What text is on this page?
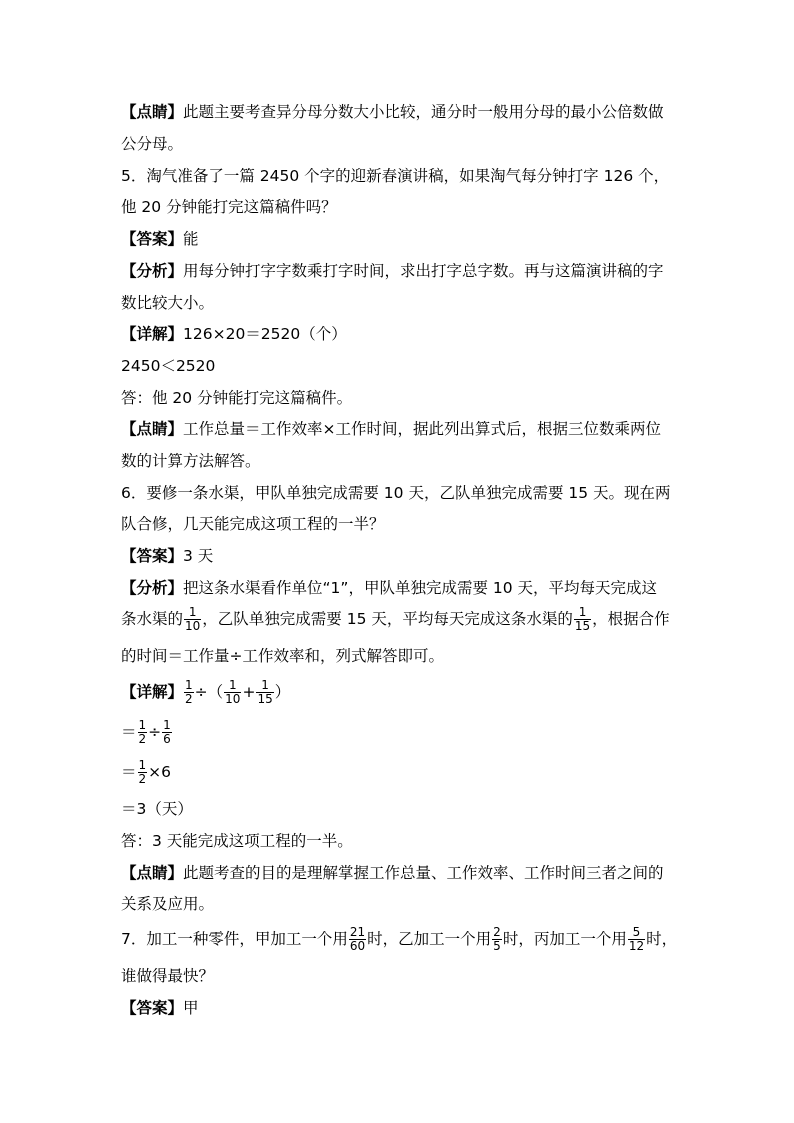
【点睛】此题主要考查异分母分数大小比较，通分时一般用分母的最小公倍数做
公分母。
5．淘气准备了一篇 2450 个字的迎新春演讲稿，如果淘气每分钟打字 126 个，
他 20 分钟能打完这篇稿件吗？
【答案】能
【分析】用每分钟打字字数乘打字时间，求出打字总字数。再与这篇演讲稿的字
数比较大小。
【详解】126×20＝2520（个）
2450＜2520
答：他 20 分钟能打完这篇稿件。
【点睛】工作总量＝工作效率×工作时间，据此列出算式后，根据三位数乘两位
数的计算方法解答。
6．要修一条水渠，甲队单独完成需要 10 天，乙队单独完成需要 15 天。现在两
队合修，几天能完成这项工程的一半？
【答案】3 天
【分析】把这条水渠看作单位“1”，甲队单独完成需要 10 天，平均每天完成这
条水渠的 $\frac{1}{10}$ ，乙队单独完成需要 15 天，平均每天完成这条水渠的 $\frac{1}{15}$ ，根据合作
的时间＝工作量÷工作效率和，列式解答即可。
【详解】 $\frac{1}{2}$ ÷（ $\frac{1}{10} + \frac{1}{15}$ ）
＝ $\frac{1}{2} \div \frac{1}{6}$
＝ $\frac{1}{2} \times 6$
＝3（天）
答：3 天能完成这项工程的一半。
【点睛】此题考查的目的是理解掌握工作总量、工作效率、工作时间三者之间的
关系及应用。
7．加工一种零件，甲加工一个用 $\frac{21}{60}$ 时，乙加工一个用 $\frac{2}{5}$ 时，丙加工一个用 $\frac{5}{12}$ 时，
谁做得最快？
【答案】甲
